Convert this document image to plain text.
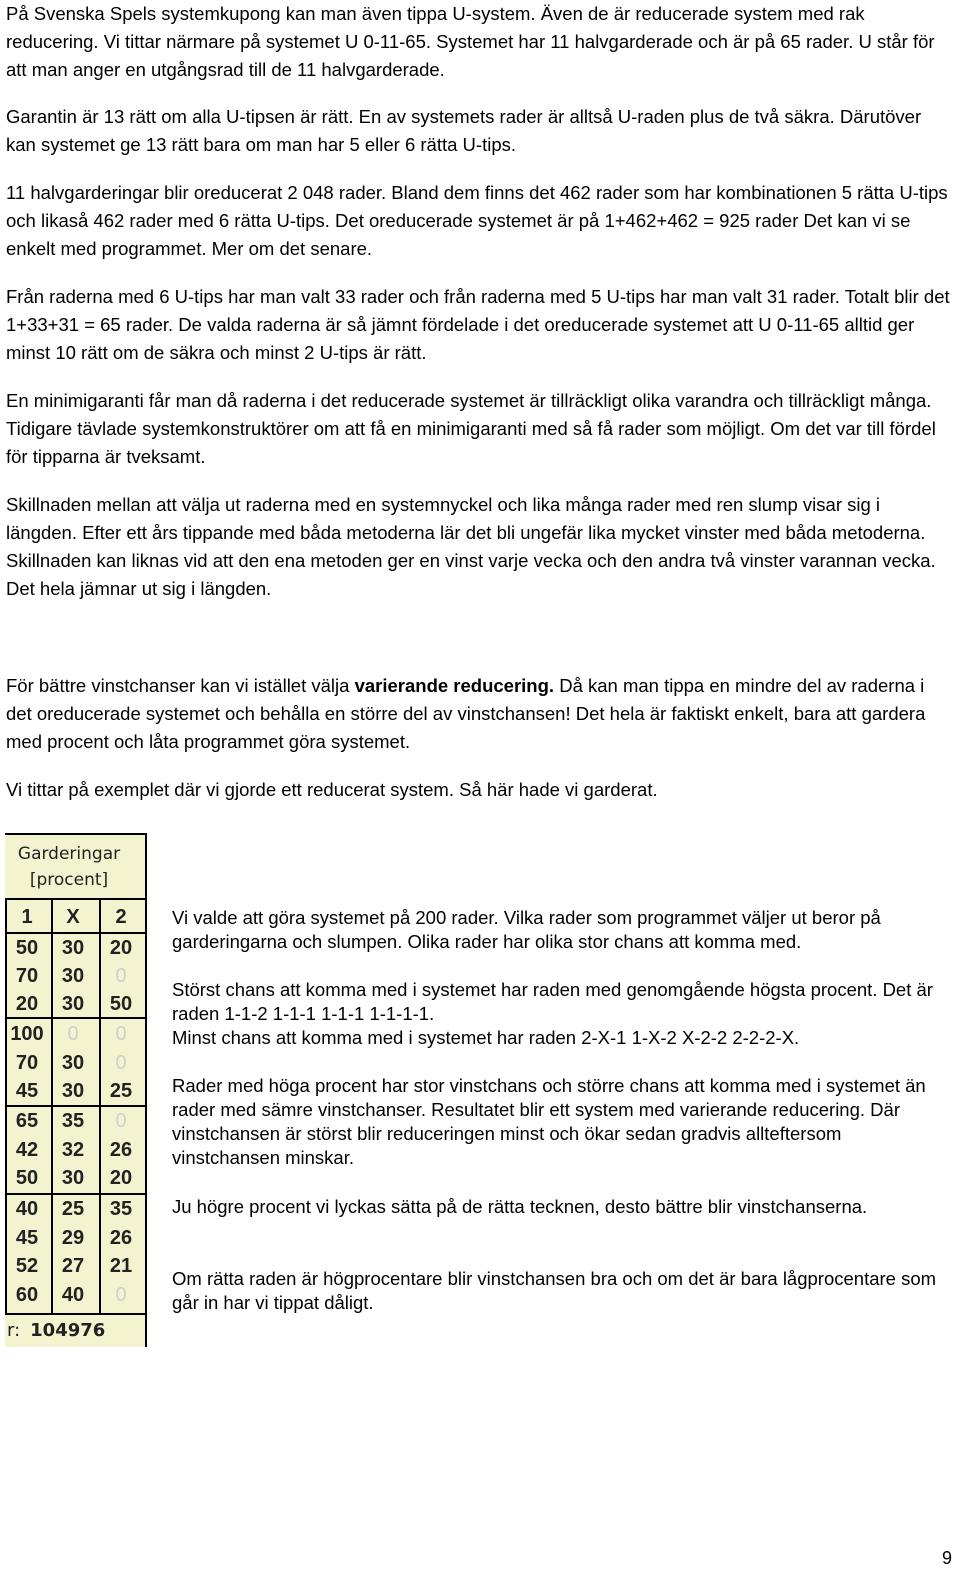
På Svenska Spels systemkupong kan man även tippa U-system. Även de är reducerade system med rak reducering. Vi tittar närmare på systemet U 0-11-65. Systemet har 11 halvgarderade och är på 65 rader. U står för att man anger en utgångsrad till de 11 halvgarderade.

Garantin är 13 rätt om alla U-tipsen är rätt. En av systemets rader är alltså U-raden plus de två säkra. Därutöver kan systemet ge 13 rätt bara om man har 5 eller 6 rätta U-tips.

11 halvgarderingar blir oreducerat 2 048 rader. Bland dem finns det 462 rader som har kombinationen 5 rätta U-tips och likaså 462 rader med 6 rätta U-tips. Det oreducerade systemet är på 1+462+462 = 925 rader Det kan vi se enkelt med programmet. Mer om det senare.

Från raderna med 6 U-tips har man valt 33 rader och från raderna med 5 U-tips har man valt 31 rader. Totalt blir det 1+33+31 = 65 rader. De valda raderna är så jämnt fördelade i det oreducerade systemet att U 0-11-65 alltid ger minst 10 rätt om de säkra och minst 2 U-tips är rätt.

En minimigaranti får man då raderna i det reducerade systemet är tillräckligt olika varandra och tillräckligt många. Tidigare tävlade systemkonstruktörer om att få en minimigaranti med så få rader som möjligt. Om det var till fördel för tipparna är tveksamt.

Skillnaden mellan att välja ut raderna med en systemnyckel och lika många rader med ren slump visar sig i längden. Efter ett års tippande med båda metoderna lär det bli ungefär lika mycket vinster med båda metoderna. Skillnaden kan liknas vid att den ena metoden ger en vinst varje vecka och den andra två vinster varannan vecka. Det hela jämnar ut sig i längden.

För bättre vinstchanser kan vi istället välja varierande reducering. Då kan man tippa en mindre del av raderna i det oreducerade systemet och behålla en större del av vinstchansen! Det hela är faktiskt enkelt, bara att gardera med procent och låta programmet göra systemet.

Vi tittar på exemplet där vi gjorde ett reducerat system. Så här hade vi garderat.

Garderingar
[procent]
1	X	2
50	30	20
70	30	0
20	30	50
100	0	0
70	30	0
45	30	25
65	35	0
42	32	26
50	30	20
40	25	35
45	29	26
52	27	21
60	40	0
r: 104976

Vi valde att göra systemet på 200 rader. Vilka rader som programmet väljer ut beror på garderingarna och slumpen. Olika rader har olika stor chans att komma med.

Störst chans att komma med i systemet har raden med genomgående högsta procent. Det är raden 1-1-2 1-1-1 1-1-1 1-1-1-1.

Minst chans att komma med i systemet har raden 2-X-1 1-X-2 X-2-2 2-2-2-X.

Rader med höga procent har stor vinstchans och större chans att komma med i systemet än rader med sämre vinstchanser. Resultatet blir ett system med varierande reducering. Där vinstchansen är störst blir reduceringen minst och ökar sedan gradvis allteftersom vinstchansen minskar.

Ju högre procent vi lyckas sätta på de rätta tecknen, desto bättre blir vinstchanserna.

Om rätta raden är högprocentare blir vinstchansen bra och om det är bara lågprocentare som går in har vi tippat dåligt.

9
